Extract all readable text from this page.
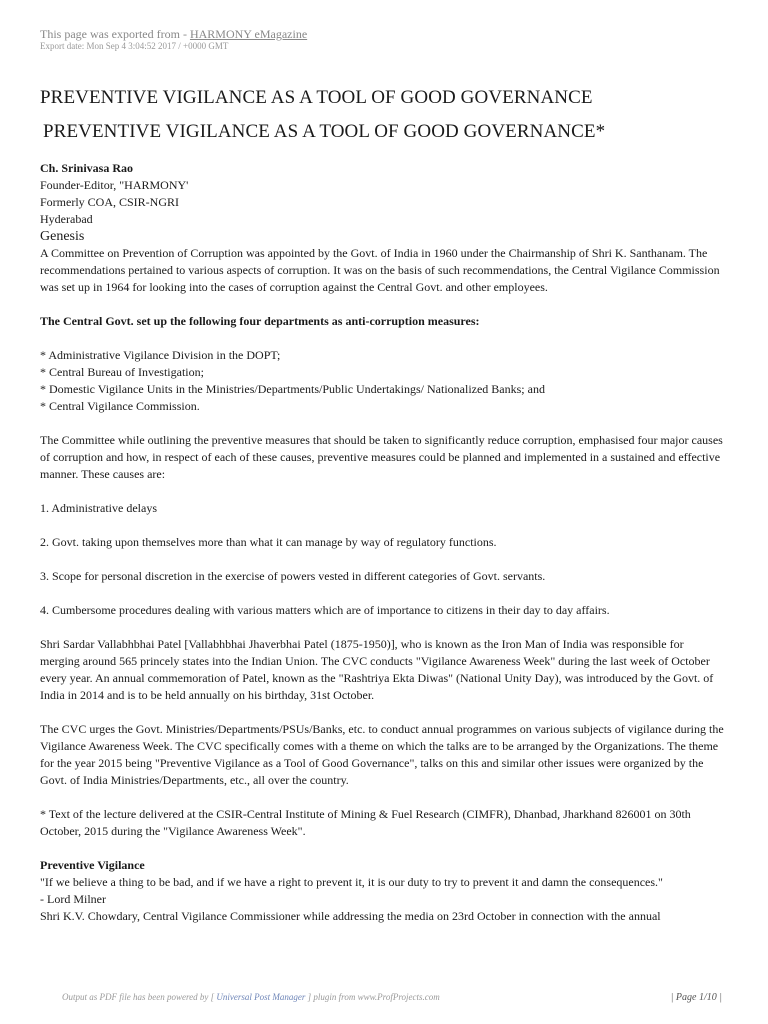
This page was exported from - HARMONY eMagazine
Export date: Mon Sep 4 3:04:52 2017 / +0000 GMT
PREVENTIVE VIGILANCE AS A TOOL OF GOOD GOVERNANCE
PREVENTIVE VIGILANCE AS A TOOL OF GOOD GOVERNANCE*

Ch. Srinivasa Rao

Founder-Editor, "HARMONY'

Formerly COA, CSIR-NGRI

Hyderabad

Genesis

A Committee on Prevention of Corruption was appointed by the Govt. of India in 1960 under the Chairmanship of Shri K. Santhanam. The recommendations pertained to various aspects of corruption. It was on the basis of such recommendations, the Central Vigilance Commission was set up in 1964 for looking into the cases of corruption against the Central Govt. and other employees.

The Central Govt. set up the following four departments as anti-corruption measures:

* Administrative Vigilance Division in the DOPT;

* Central Bureau of Investigation;

* Domestic Vigilance Units in the Ministries/Departments/Public Undertakings/ Nationalized Banks; and

* Central Vigilance Commission.

The Committee while outlining the preventive measures that should be taken to significantly reduce corruption, emphasised four major causes of corruption and how, in respect of each of these causes, preventive measures could be planned and implemented in a sustained and effective manner. These causes are:

1. Administrative delays

2. Govt. taking upon themselves more than what it can manage by way of regulatory functions.

3. Scope for personal discretion in the exercise of powers vested in different categories of Govt. servants.

4. Cumbersome procedures dealing with various matters which are of importance to citizens in their day to day affairs.

Shri Sardar Vallabhbhai Patel [Vallabhbhai Jhaverbhai Patel (1875-1950)], who is known as the Iron Man of India was responsible for merging around 565 princely states into the Indian Union. The CVC conducts "Vigilance Awareness Week" during the last week of October every year. An annual commemoration of Patel, known as the "Rashtriya Ekta Diwas" (National Unity Day), was introduced by the Govt. of India in 2014 and is to be held annually on his birthday, 31st October.

The CVC urges the Govt. Ministries/Departments/PSUs/Banks, etc. to conduct annual programmes on various subjects of vigilance during the Vigilance Awareness Week. The CVC specifically comes with a theme on which the talks are to be arranged by the Organizations. The theme for the year 2015 being "Preventive Vigilance as a Tool of Good Governance", talks on this and similar other issues were organized by the Govt. of India Ministries/Departments, etc., all over the country.

* Text of the lecture delivered at the CSIR-Central Institute of Mining & Fuel Research (CIMFR), Dhanbad, Jharkhand 826001 on 30th October, 2015 during the "Vigilance Awareness Week".

Preventive Vigilance

"If we believe a thing to be bad, and if we have a right to prevent it, it is our duty to try to prevent it and damn the consequences."

- Lord Milner

Shri K.V. Chowdary, Central Vigilance Commissioner while addressing the media on 23rd October in connection with the annual

Output as PDF file has been powered by [ Universal Post Manager ] plugin from www.ProfProjects.com	| Page 1/10 |
